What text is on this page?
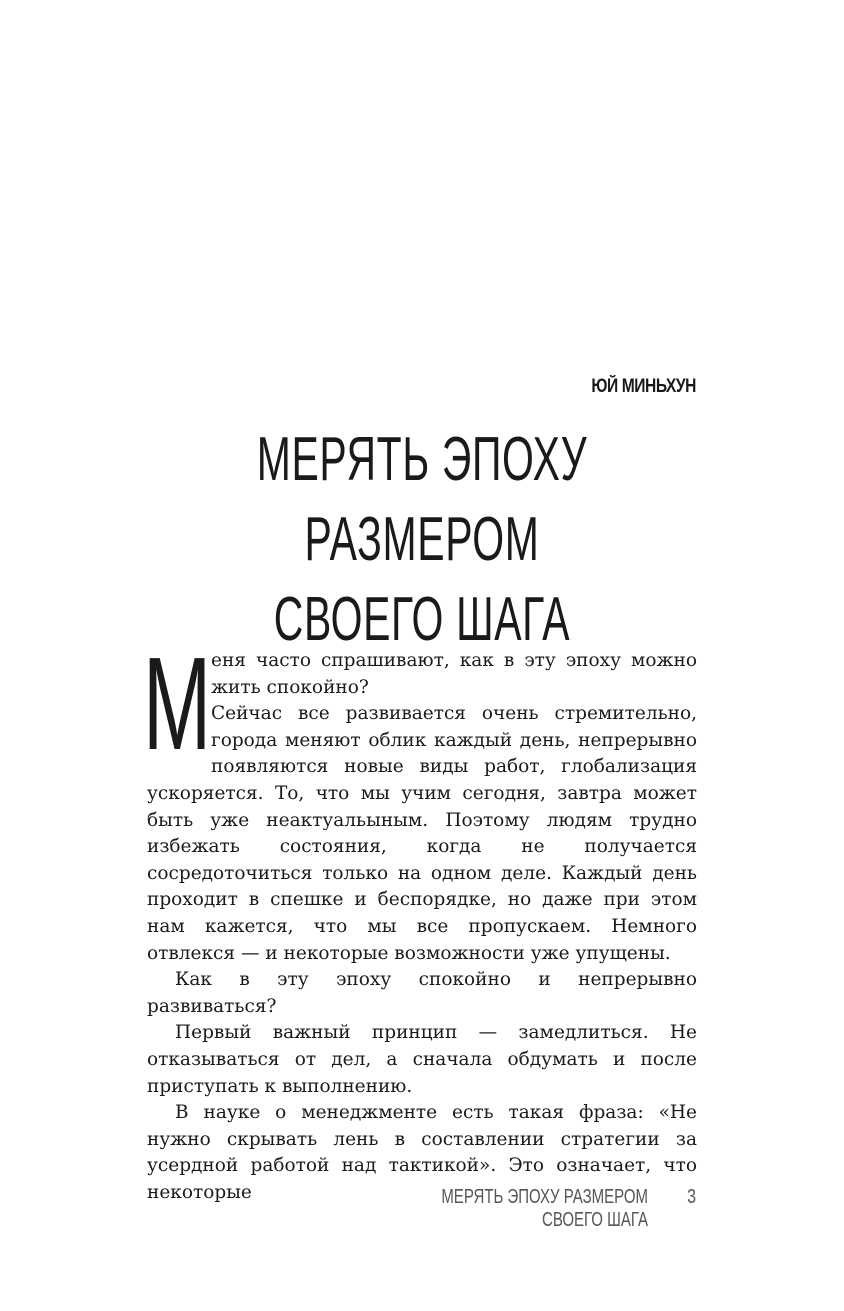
ЮЙ МИНЬХУН
МЕРЯТЬ ЭПОХУ РАЗМЕРОМ
СВОЕГО ШАГА
М еня часто спрашивают, как в эту эпоху можно жить спокойно?

Сейчас все развивается очень стремительно, города меняют облик каждый день, непрерывно появляются новые виды работ, глобализация ускоряется. То, что мы учим сегодня, завтра может быть уже неактуальыным. Поэтому людям трудно избежать состояния, когда не получается сосредоточиться только на одном деле. Каждый день проходит в спешке и беспорядке, но даже при этом нам кажется, что мы все пропускаем. Немного отвлекся — и некоторые возможности уже упущены.

Как в эту эпоху спокойно и непрерывно развиваться?

Первый важный принцип — замедлиться. Не отказываться от дел, а сначала обдумать и после приступать к выполнению.

В науке о менеджменте есть такая фраза: «Не нужно скрывать лень в составлении стратегии за усердной работой над тактикой». Это означает, что некоторые	МЕРЯТЬ ЭПОХУ РАЗМЕРОМ СВОЕГО ШАГА
3
